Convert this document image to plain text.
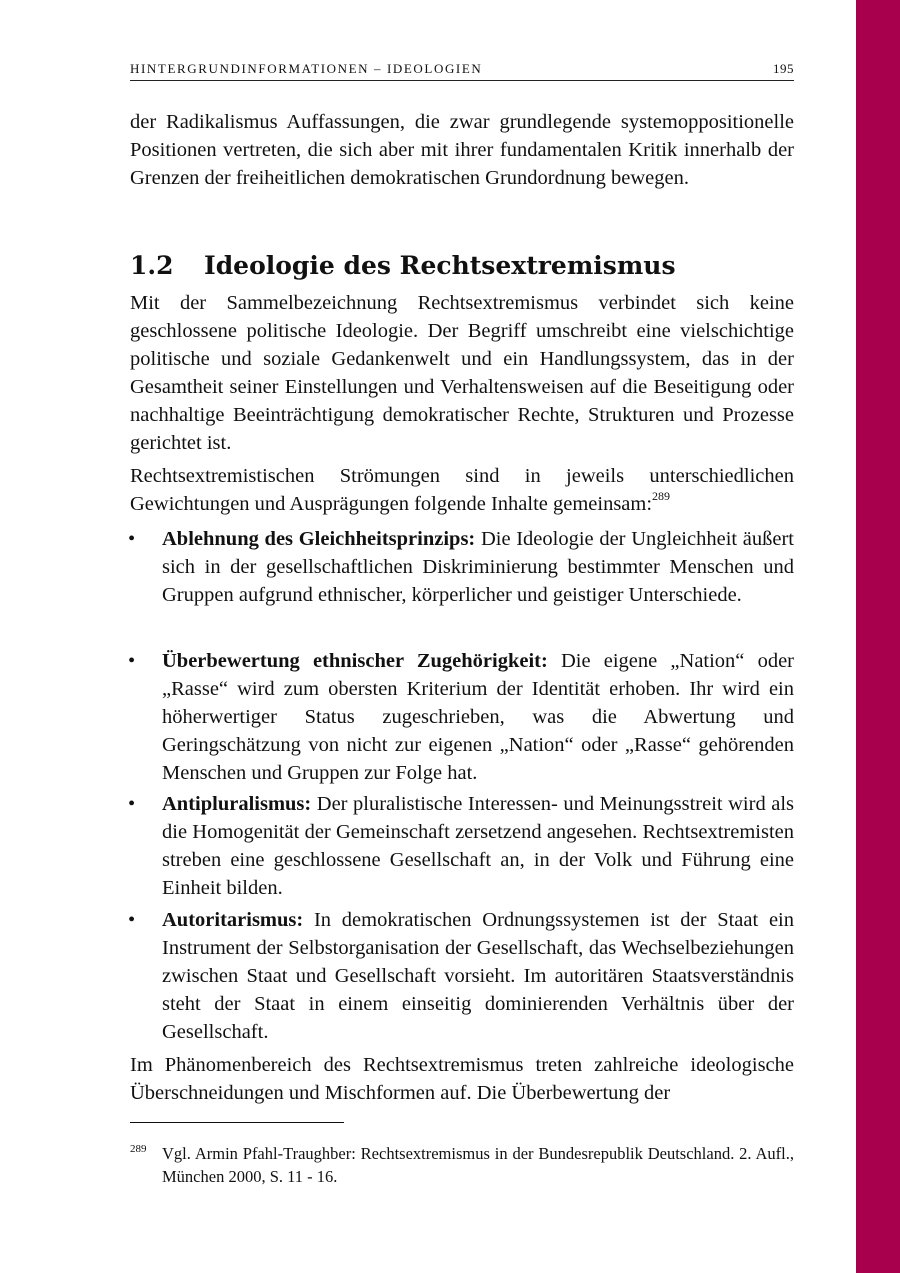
HINTERGRUNDINFORMATIONEN – IDEOLOGIEN	195
der Radikalismus Auffassungen, die zwar grundlegende systemoppositionelle Positionen vertreten, die sich aber mit ihrer fundamentalen Kritik innerhalb der Grenzen der freiheitlichen demokratischen Grundordnung bewegen.
1.2 Ideologie des Rechtsextremismus
Mit der Sammelbezeichnung Rechtsextremismus verbindet sich keine geschlossene politische Ideologie. Der Begriff umschreibt eine vielschichtige politische und soziale Gedankenwelt und ein Handlungssystem, das in der Gesamtheit seiner Einstellungen und Verhaltensweisen auf die Beseitigung oder nachhaltige Beeinträchtigung demokratischer Rechte, Strukturen und Prozesse gerichtet ist.
Rechtsextremistischen Strömungen sind in jeweils unterschiedlichen Gewichtungen und Ausprägungen folgende Inhalte gemeinsam:$^{289}$
• Ablehnung des Gleichheitsprinzips: Die Ideologie der Ungleichheit äußert sich in der gesellschaftlichen Diskriminierung bestimmter Menschen und Gruppen aufgrund ethnischer, körperlicher und geistiger Unterschiede.
• Überbewertung ethnischer Zugehörigkeit: Die eigene „Nation“ oder „Rasse“ wird zum obersten Kriterium der Identität erhoben. Ihr wird ein höherwertiger Status zugeschrieben, was die Abwertung und Geringschätzung von nicht zur eigenen „Nation“ oder „Rasse“ gehörenden Menschen und Gruppen zur Folge hat.
• Antipluralismus: Der pluralistische Interessen- und Meinungsstreit wird als die Homogenität der Gemeinschaft zersetzend angesehen. Rechtsextremisten streben eine geschlossene Gesellschaft an, in der Volk und Führung eine Einheit bilden.
• Autoritarismus: In demokratischen Ordnungssystemen ist der Staat ein Instrument der Selbstorganisation der Gesellschaft, das Wechselbeziehungen zwischen Staat und Gesellschaft vorsieht. Im autoritären Staatsverständnis steht der Staat in einem einseitig dominierenden Verhältnis über der Gesellschaft.
Im Phänomenbereich des Rechtsextremismus treten zahlreiche ideologische Überschneidungen und Mischformen auf. Die Überbewertung der
289 Vgl. Armin Pfahl-Traughber: Rechtsextremismus in der Bundesrepublik Deutschland. 2. Aufl., München 2000, S. 11 - 16.
